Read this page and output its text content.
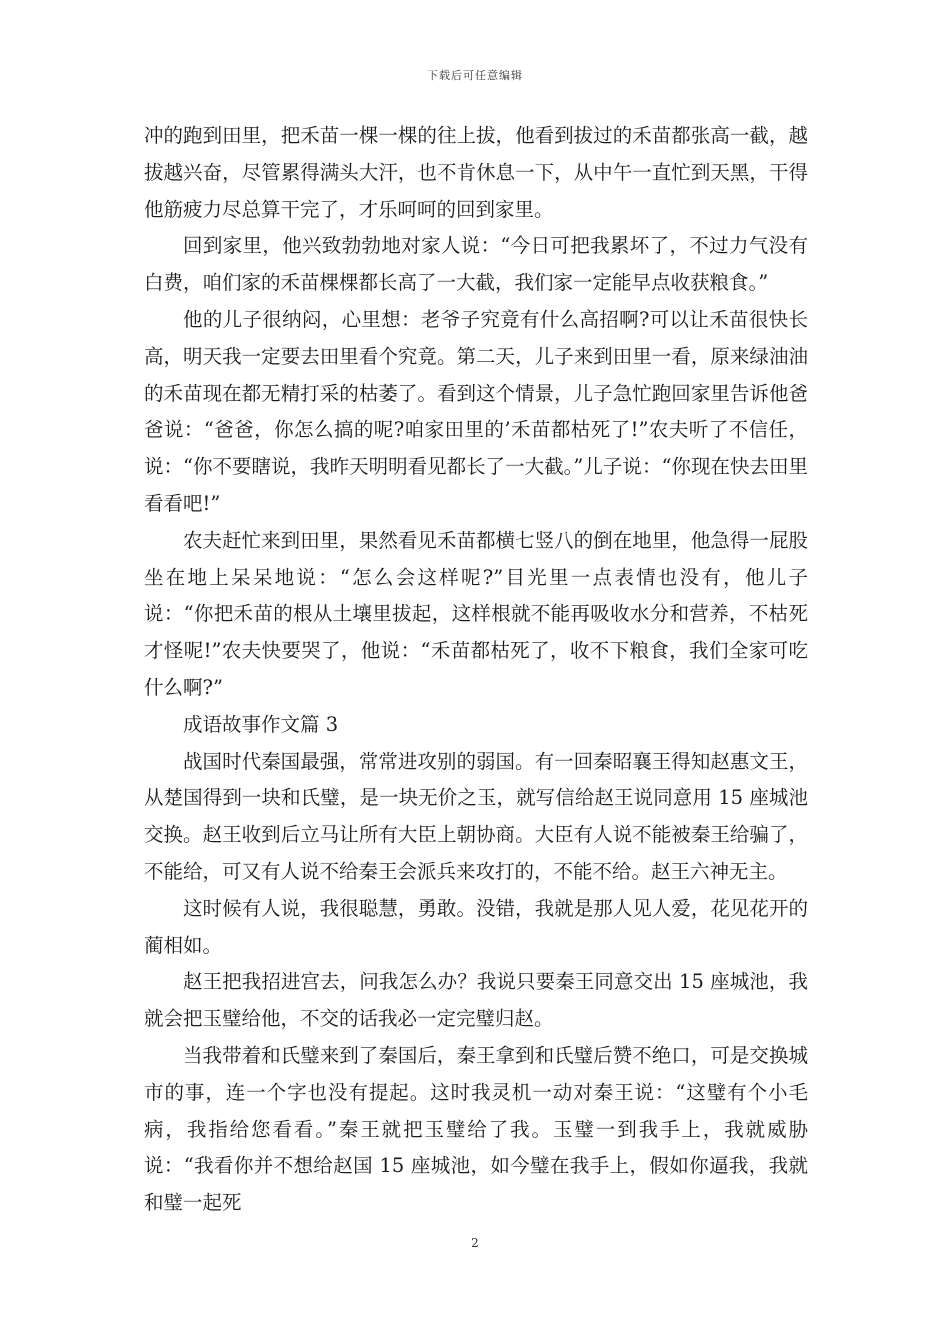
下载后可任意编辑

冲的跑到田里，把禾苗一棵一棵的往上拔，他看到拔过的禾苗都张高一截，越拔越兴奋，尽管累得满头大汗，也不肯休息一下，从中午一直忙到天黑，干得他筋疲力尽总算干完了，才乐呵呵的回到家里。

回到家里，他兴致勃勃地对家人说：“今日可把我累坏了，不过力气没有白费，咱们家的禾苗棵棵都长高了一大截，我们家一定能早点收获粮食。”

他的儿子很纳闷，心里想：老爷子究竟有什么高招啊?可以让禾苗很快长高，明天我一定要去田里看个究竟。第二天，儿子来到田里一看，原来绿油油的禾苗现在都无精打采的枯萎了。看到这个情景，儿子急忙跑回家里告诉他爸爸说：“爸爸，你怎么搞的呢?咱家田里的’禾苗都枯死了!”农夫听了不信任，说：“你不要瞎说，我昨天明明看见都长了一大截。”儿子说：“你现在快去田里看看吧!”

农夫赶忙来到田里，果然看见禾苗都横七竖八的倒在地里，他急得一屁股坐在地上呆呆地说：“怎么会这样呢?”目光里一点表情也没有，他儿子说：“你把禾苗的根从土壤里拔起，这样根就不能再吸收水分和营养，不枯死才怪呢!”农夫快要哭了，他说：“禾苗都枯死了，收不下粮食，我们全家可吃什么啊?”

成语故事作文篇 3

战国时代秦国最强，常常进攻别的弱国。有一回秦昭襄王得知赵惠文王，从楚国得到一块和氏璧，是一块无价之玉，就写信给赵王说同意用 15 座城池交换。赵王收到后立马让所有大臣上朝协商。大臣有人说不能被秦王给骗了，不能给，可又有人说不给秦王会派兵来攻打的，不能不给。赵王六神无主。

这时候有人说，我很聪慧，勇敢。没错，我就是那人见人爱，花见花开的蔺相如。

赵王把我招进宫去，问我怎么办？我说只要秦王同意交出 15 座城池，我就会把玉璧给他，不交的话我必一定完璧归赵。

当我带着和氏璧来到了秦国后，秦王拿到和氏璧后赞不绝口，可是交换城市的事，连一个字也没有提起。这时我灵机一动对秦王说：“这璧有个小毛病，我指给您看看。”秦王就把玉璧给了我。玉璧一到我手上，我就威胁说：“我看你并不想给赵国 15 座城池，如今璧在我手上，假如你逼我，我就和璧一起死

2
